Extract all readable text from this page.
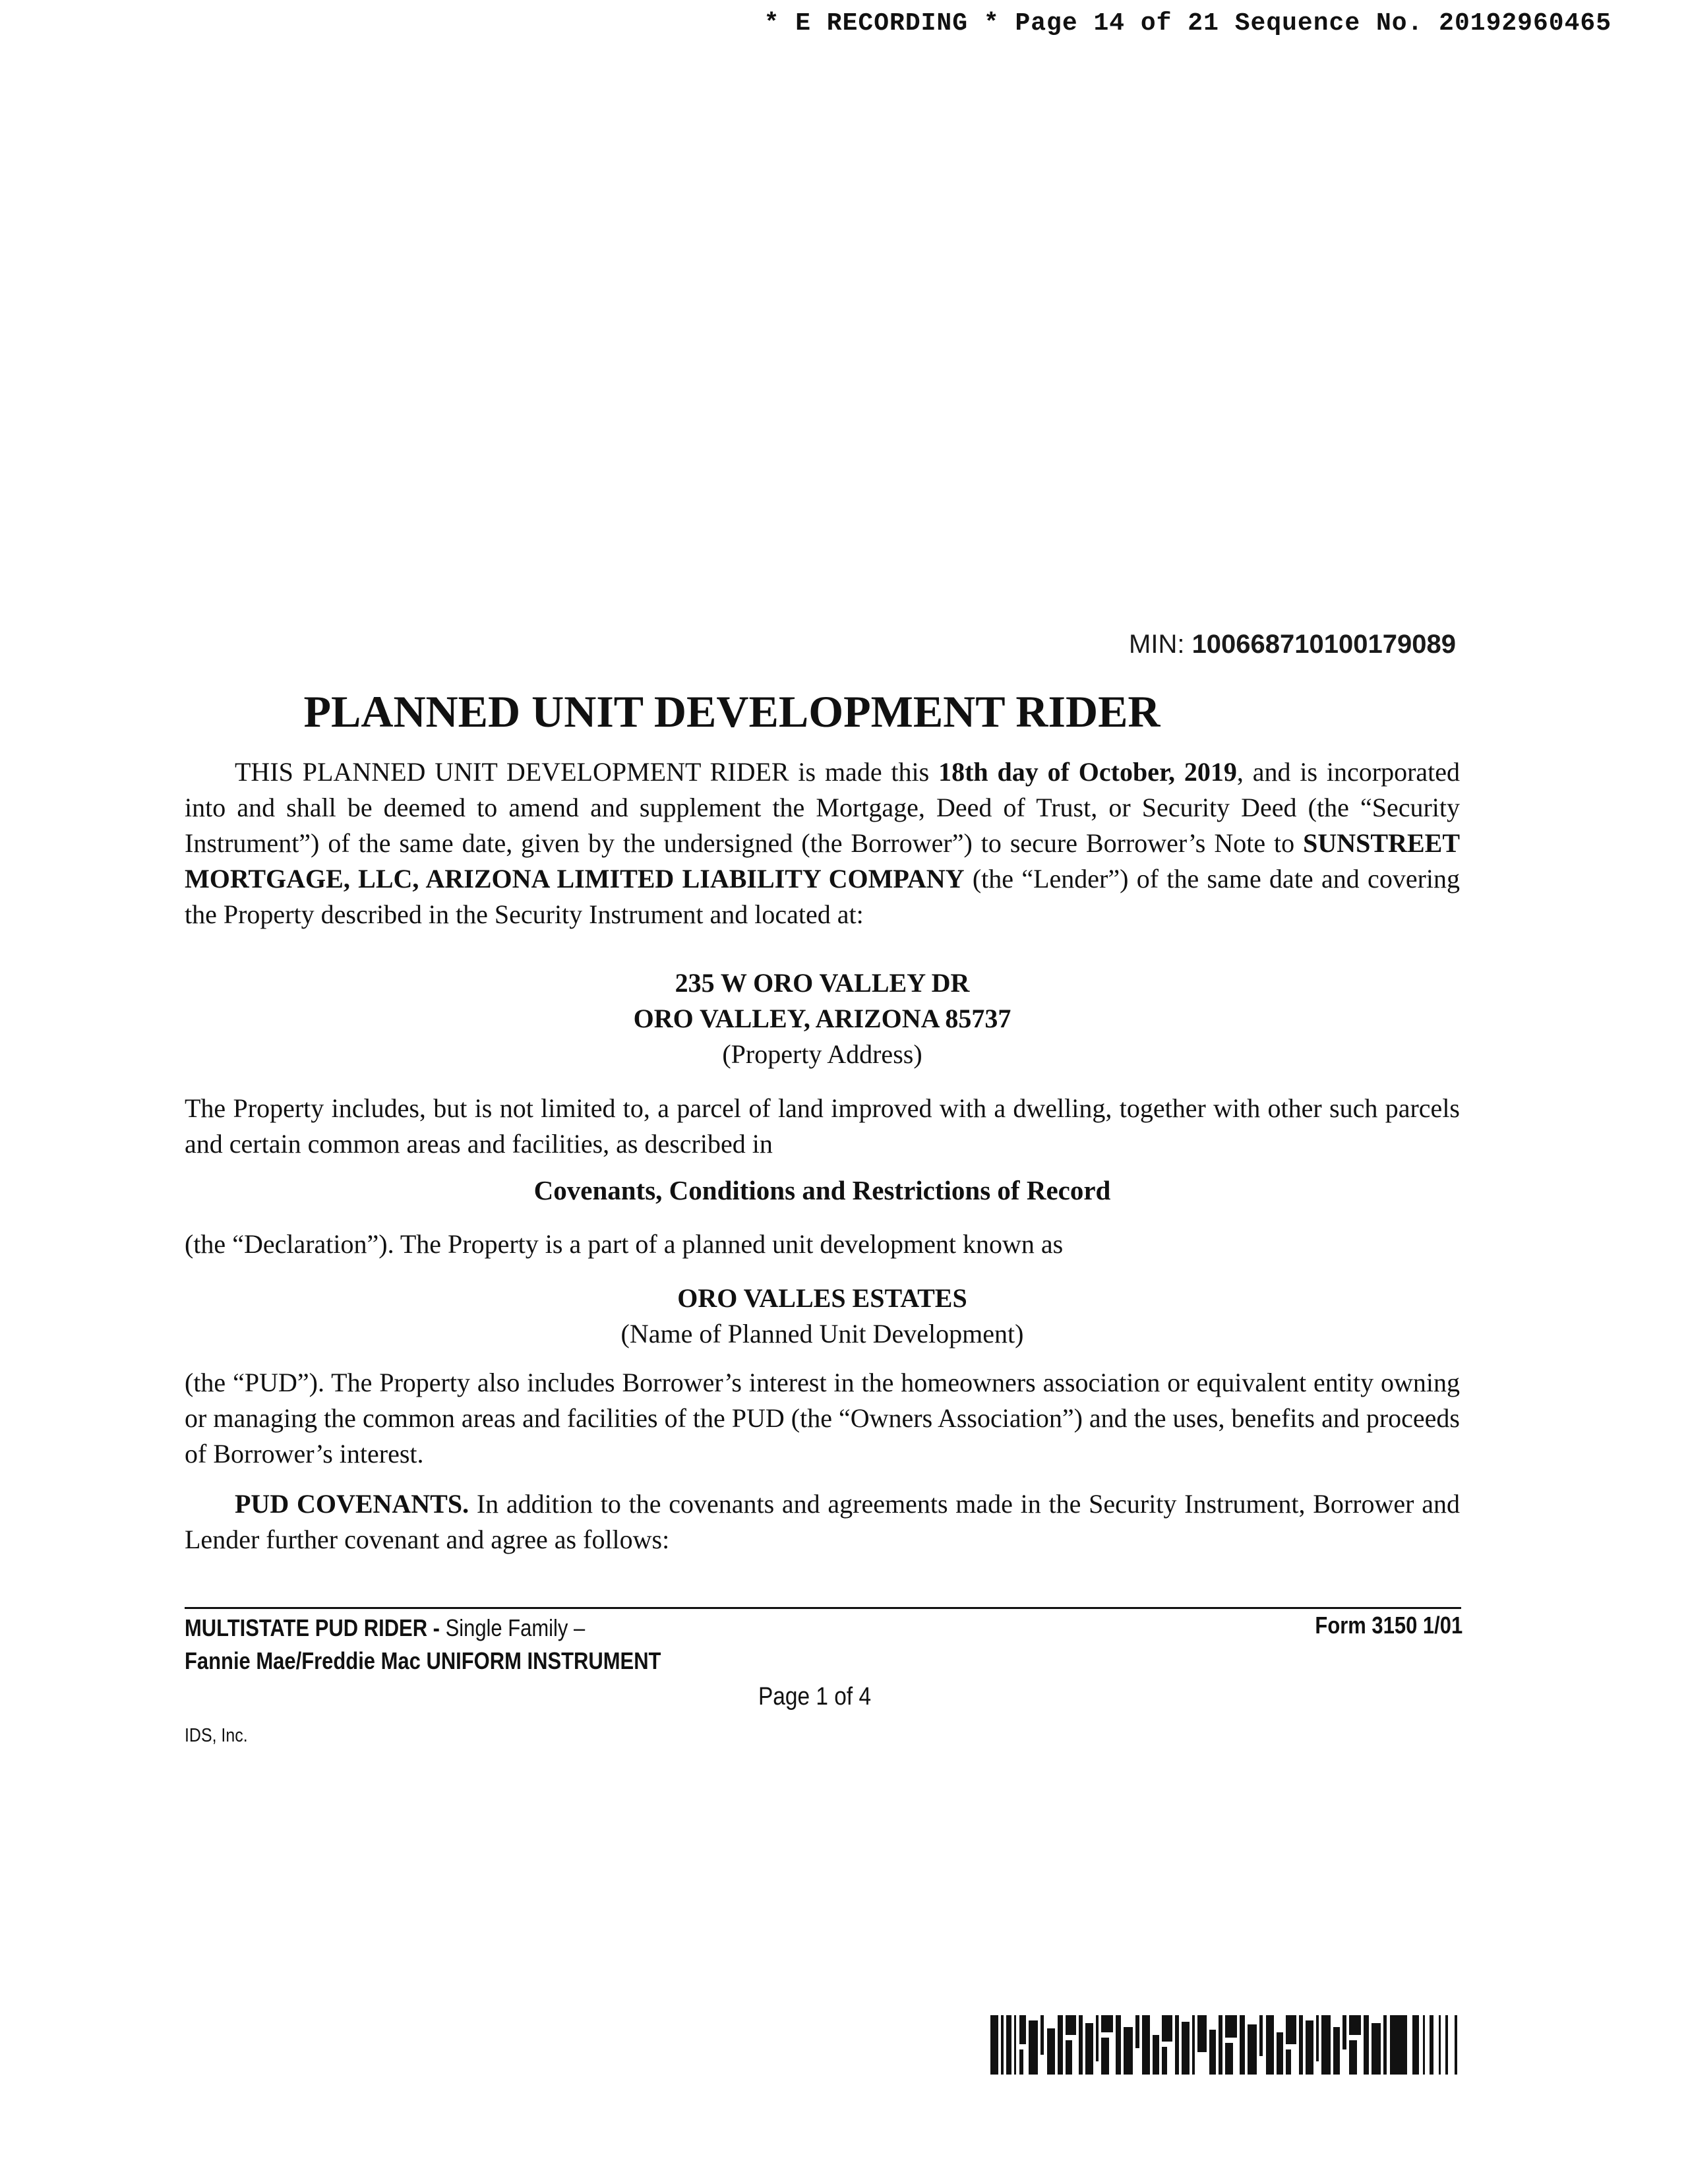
* E RECORDING * Page 14 of 21 Sequence No. 20192960465
MIN: 100668710100179089
PLANNED UNIT DEVELOPMENT RIDER

THIS PLANNED UNIT DEVELOPMENT RIDER is made this 18th day of October, 2019, and is incorporated into and shall be deemed to amend and supplement the Mortgage, Deed of Trust, or Security Deed (the “Security Instrument”) of the same date, given by the undersigned (the Borrower”) to secure Borrower’s Note to SUNSTREET MORTGAGE, LLC, ARIZONA LIMITED LIABILITY COMPANY (the “Lender”) of the same date and covering the Property described in the Security Instrument and located at:

235 W ORO VALLEY DR

ORO VALLEY, ARIZONA 85737

(Property Address)

The Property includes, but is not limited to, a parcel of land improved with a dwelling, together with other such parcels and certain common areas and facilities, as described in

Covenants, Conditions and Restrictions of Record

(the “Declaration”). The Property is a part of a planned unit development known as

ORO VALLES ESTATES

(Name of Planned Unit Development)

(the “PUD”). The Property also includes Borrower’s interest in the homeowners association or equivalent entity owning or managing the common areas and facilities of the PUD (the “Owners Association”) and the uses, benefits and proceeds of Borrower’s interest.

PUD COVENANTS. In addition to the covenants and agreements made in the Security Instrument, Borrower and Lender further covenant and agree as follows:

MULTISTATE PUD RIDER - Single Family –
Fannie Mae/Freddie Mac UNIFORM INSTRUMENT
Form 3150 1/01
Page 1 of 4
IDS, Inc.
